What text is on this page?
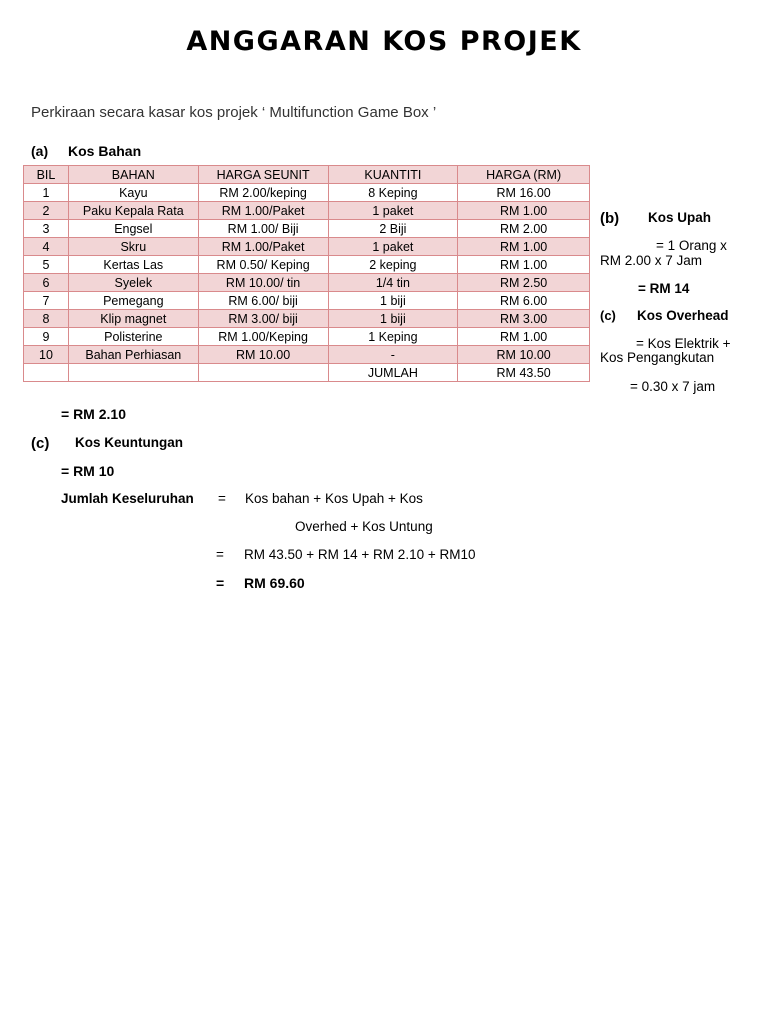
ANGGARAN KOS PROJEK
Perkiraan secara kasar kos projek ‘ Multifunction Game Box ’
(a) Kos Bahan
BIL	BAHAN	HARGA SEUNIT	KUANTITI	HARGA (RM)
1	Kayu	RM 2.00/keping	8 Keping	RM 16.00
2	Paku Kepala Rata	RM 1.00/Paket	1 paket	RM 1.00
3	Engsel	RM 1.00/ Biji	2 Biji	RM 2.00
4	Skru	RM 1.00/Paket	1 paket	RM 1.00
5	Kertas Las	RM 0.50/ Keping	2 keping	RM 1.00
6	Syelek	RM 10.00/ tin	1/4 tin	RM 2.50
7	Pemegang	RM 6.00/ biji	1 biji	RM 6.00
8	Klip magnet	RM 3.00/ biji	1 biji	RM 3.00
9	Polisterine	RM 1.00/Keping	1 Keping	RM 1.00
10	Bahan Perhiasan	RM 10.00	-	RM 10.00
			JUMLAH	RM 43.50
(b) Kos Upah
= 1 Orang x
RM 2.00 x 7 Jam
= RM 14
(c) Kos Overhead
= Kos Elektrik +
Kos Pengangkutan
= 0.30 x 7 jam
= RM 2.10
(c) Kos Keuntungan
= RM 10
Jumlah Keseluruhan = Kos bahan + Kos Upah + Kos
Overhed + Kos Untung
= RM 43.50 + RM 14 + RM 2.10 + RM10
= RM 69.60
